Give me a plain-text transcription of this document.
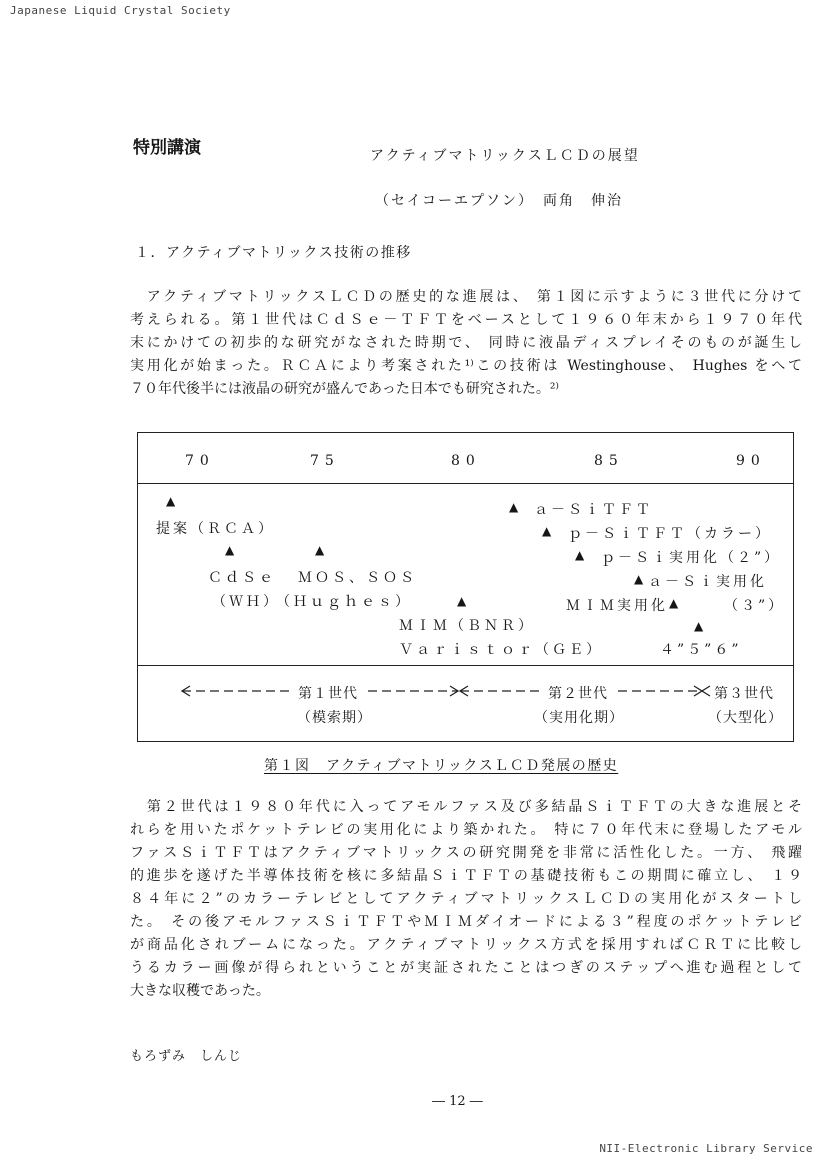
Japanese Liquid Crystal Society
特別講演	アクティブマトリックスＬＣＤの展望
（セイコーエプソン）　両角　伸治
１．アクティブマトリックス技術の推移
　アクティブマトリックスＬＣＤの歴史的な進展は、 第１図に示すように３世代に分けて
考えられる。第１世代はＣｄＳｅ－ＴＦＴをベースとして１９６０年末から１９７０年代
末にかけての初歩的な研究がなされた時期で、 同時に液晶ディスプレイそのものが誕生し
実用化が始まった。ＲＣＡにより考案された¹⁾この技術は Westinghouse、 Hughes をへて
７０年代後半には液晶の研究が盛んであった日本でも研究された。²⁾
70	75	80	85	90
▲
提案（ＲＣＡ）
▲	▲
ＣｄＳｅ ＭＯＳ、ＳＯＳ
（ＷＨ）
（Ｈｕｇｈｅｓ）	▲
ＭＩＭ（ＢＮＲ）
Ｖａｒｉｓｔｏｒ（ＧＥ）
▲ ａ－ＳｉＴＦＴ
▲ ｐ－ＳｉＴＦＴ（カラー）
▲ ｐ－Ｓｉ実用化（２”）
▲ ａ－Ｓｉ実用化
ＭＩＭ実用化 ▲	（３”）
▲
４”５”６”
第１世代
（模索期）
第２世代
（実用化期）
第３世代
（大型化）
第１図　アクティブマトリックスＬＣＤ発展の歴史
　第２世代は１９８０年代に入ってアモルファス及び多結晶ＳｉＴＦＴの大きな進展とそ
れらを用いたポケットテレビの実用化により築かれた。 特に７０年代末に登場したアモル
ファスＳｉＴＦＴはアクティブマトリックスの研究開発を非常に活性化した。一方、 飛躍
的進歩を遂げた半導体技術を核に多結晶ＳｉＴＦＴの基礎技術もこの期間に確立し、 １９
８４年に２”のカラーテレビとしてアクティブマトリックスＬＣＤの実用化がスタートし
た。 その後アモルファスＳｉＴＦＴやＭＩＭダイオードによる３”程度のポケットテレビ
が商品化されブームになった。アクティブマトリックス方式を採用すればＣＲＴに比較し
うるカラー画像が得られということが実証されたことはつぎのステップへ進む過程として
大きな収穫であった。
もろずみ　しんじ
― 12 ―
NII-Electronic Library Service
